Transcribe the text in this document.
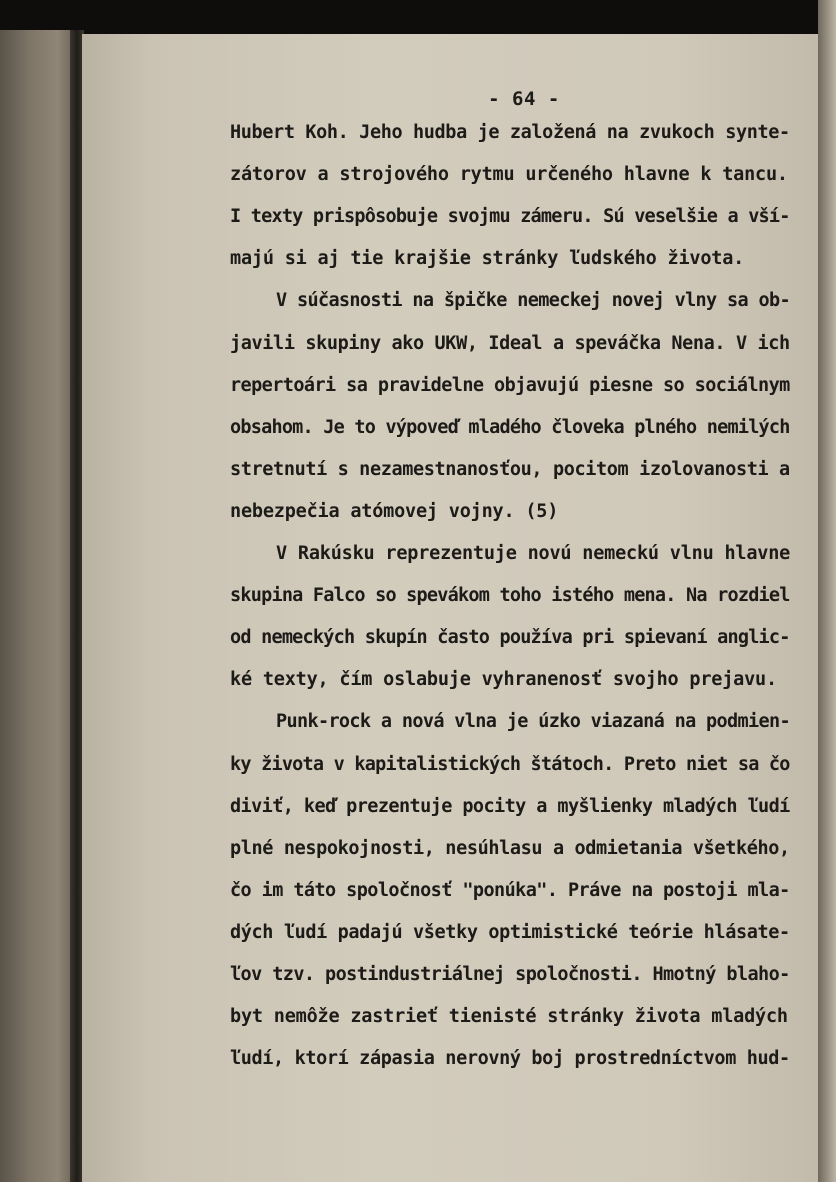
- 64 -
Hubert Koh. Jeho hudba je založená na zvukoch synte-
zátorov a strojového rytmu určeného hlavne k tancu.
I texty prispôsobuje svojmu zámeru. Sú veselšie a vší-
majú si aj tie krajšie stránky ľudského života.
V súčasnosti na špičke nemeckej novej vlny sa ob-
javili skupiny ako UKW, Ideal a speváčka Nena. V ich
repertoári sa pravidelne objavujú piesne so sociálnym
obsahom. Je to výpoveď mladého človeka plného nemilých
stretnutí s nezamestnanosťou, pocitom izolovanosti a
nebezpečia atómovej vojny. (5)
V Rakúsku reprezentuje novú nemeckú vlnu hlavne
skupina Falco so spevákom toho istého mena. Na rozdiel
od nemeckých skupín často používa pri spievaní anglic-
ké texty, čím oslabuje vyhranenosť svojho prejavu.
Punk-rock a nová vlna je úzko viazaná na podmien-
ky života v kapitalistických štátoch. Preto niet sa čo
diviť, keď prezentuje pocity a myšlienky mladých ľudí
plné nespokojnosti, nesúhlasu a odmietania všetkého,
čo im táto spoločnosť "ponúka". Práve na postoji mla-
dých ľudí padajú všetky optimistické teórie hlásate-
ľov tzv. postindustriálnej spoločnosti. Hmotný blaho-
byt nemôže zastrieť tienisté stránky života mladých
ľudí, ktorí zápasia nerovný boj prostredníctvom hud-
